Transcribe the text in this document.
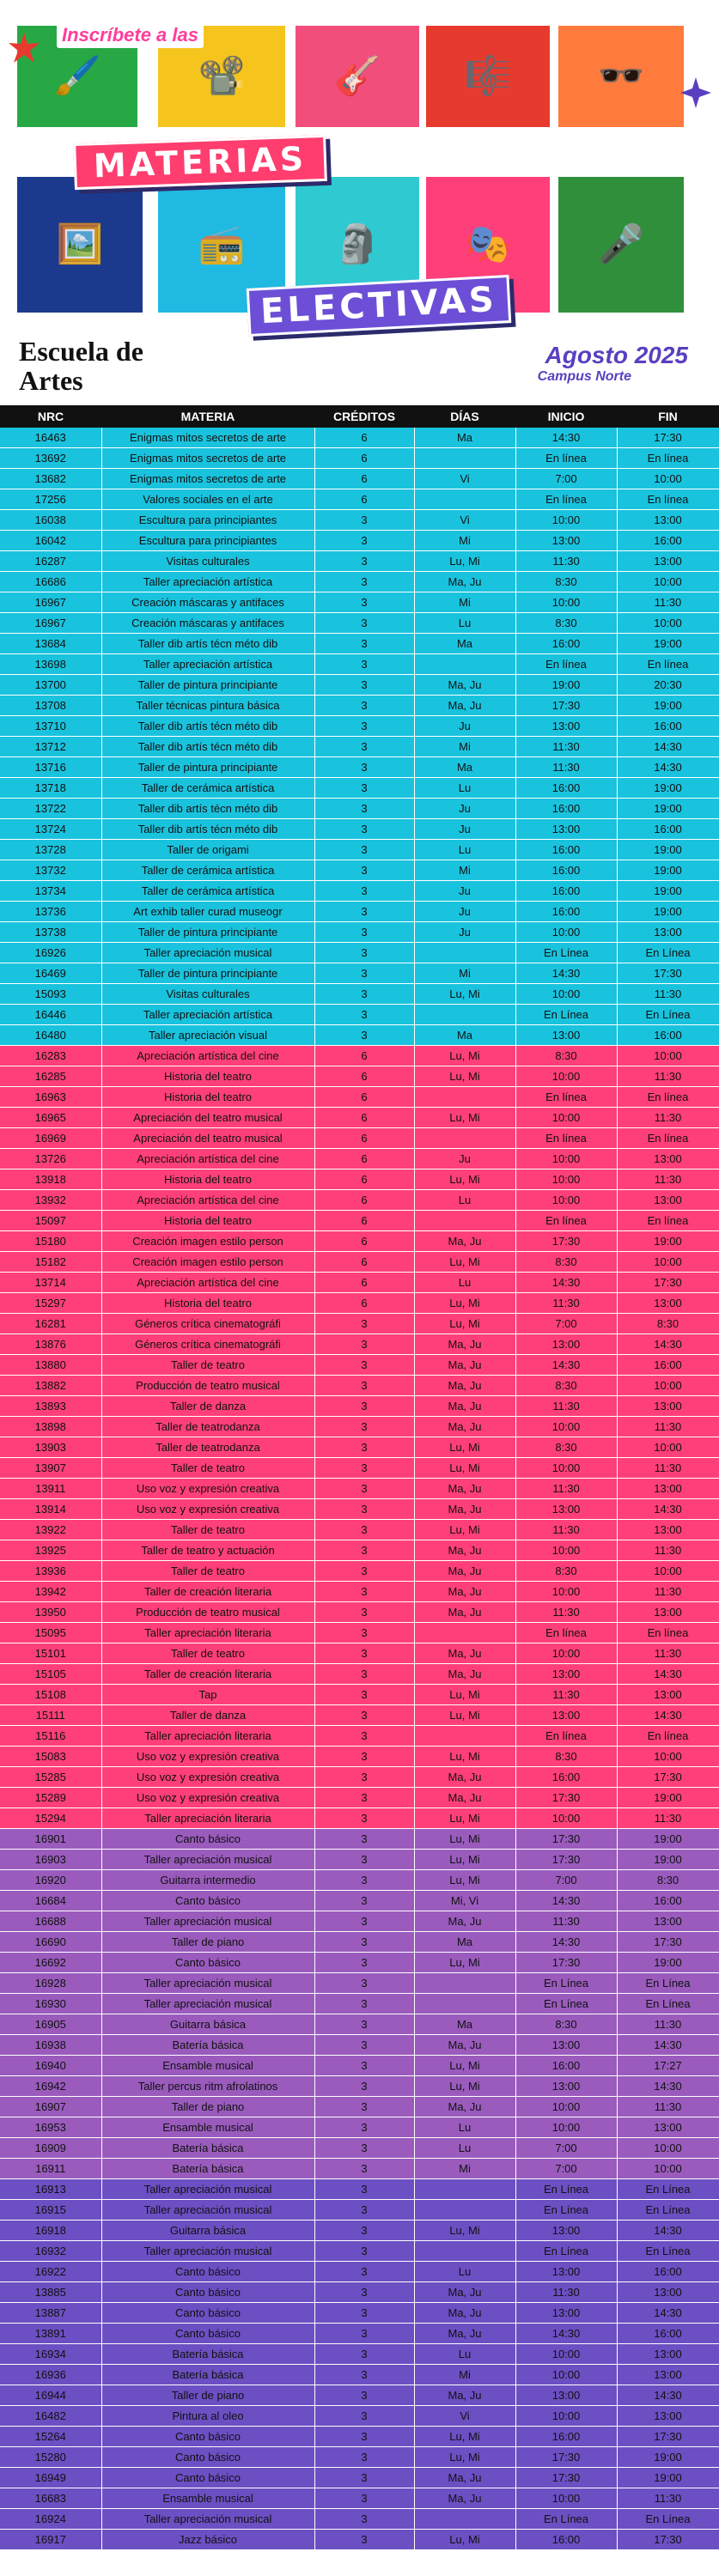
🖌️	📽️ 🎸 🎼 🕶️
🖼️	📻 🗿 🎭 🎤
Inscríbete a las
MATERIAS
ELECTIVAS
Escuela de Artes
Agosto 2025
Campus Norte
NRC	MATERIA	CRÉDITOS	DÍAS	INICIO	FIN
16463	Enigmas mitos secretos de arte	6	Ma	14:30	17:30
13692	Enigmas mitos secretos de arte	6		En línea	En línea
13682	Enigmas mitos secretos de arte	6	Vi	7:00	10:00
17256	Valores sociales en el arte	6		En línea	En línea
16038	Escultura para principiantes	3	Vi	10:00	13:00
16042	Escultura para principiantes	3	Mi	13:00	16:00
16287	Visitas culturales	3	Lu, Mi	11:30	13:00
16686	Taller apreciación artística	3	Ma, Ju	8:30	10:00
16967	Creación máscaras y antifaces	3	Mi	10:00	11:30
16967	Creación máscaras y antifaces	3	Lu	8:30	10:00
13684	Taller dib artís técn méto dib	3	Ma	16:00	19:00
13698	Taller apreciación artística	3		En línea	En línea
13700	Taller de pintura principiante	3	Ma, Ju	19:00	20:30
13708	Taller técnicas pintura básica	3	Ma, Ju	17:30	19:00
13710	Taller dib artís técn méto dib	3	Ju	13:00	16:00
13712	Taller dib artís técn méto dib	3	Mi	11:30	14:30
13716	Taller de pintura principiante	3	Ma	11:30	14:30
13718	Taller de cerámica artística	3	Lu	16:00	19:00
13722	Taller dib artís técn méto dib	3	Ju	16:00	19:00
13724	Taller dib artís técn méto dib	3	Ju	13:00	16:00
13728	Taller de origami	3	Lu	16:00	19:00
13732	Taller de cerámica artística	3	Mi	16:00	19:00
13734	Taller de cerámica artística	3	Ju	16:00	19:00
13736	Art exhib taller curad museogr	3	Ju	16:00	19:00
13738	Taller de pintura principiante	3	Ju	10:00	13:00
16926	Taller apreciación musical	3		En Línea	En Línea
16469	Taller de pintura principiante	3	Mi	14:30	17:30
15093	Visitas culturales	3	Lu, Mi	10:00	11:30
16446	Taller apreciación artística	3		En Línea	En Línea
16480	Taller apreciación visual	3	Ma	13:00	16:00
16283	Apreciación artística del cine	6	Lu, Mi	8:30	10:00
16285	Historia del teatro	6	Lu, Mi	10:00	11:30
16963	Historia del teatro	6		En línea	En línea
16965	Apreciación del teatro musical	6	Lu, Mi	10:00	11:30
16969	Apreciación del teatro musical	6		En línea	En línea
13726	Apreciación artística del cine	6	Ju	10:00	13:00
13918	Historia del teatro	6	Lu, Mi	10:00	11:30
13932	Apreciación artística del cine	6	Lu	10:00	13:00
15097	Historia del teatro	6		En línea	En línea
15180	Creación imagen estilo person	6	Ma, Ju	17:30	19:00
15182	Creación imagen estilo person	6	Lu, Mi	8:30	10:00
13714	Apreciación artística del cine	6	Lu	14:30	17:30
15297	Historia del teatro	6	Lu, Mi	11:30	13:00
16281	Géneros crítica cinematográfi	3	Lu, Mi	7:00	8:30
13876	Géneros crítica cinematográfi	3	Ma, Ju	13:00	14:30
13880	Taller de teatro	3	Ma, Ju	14:30	16:00
13882	Producción de teatro musical	3	Ma, Ju	8:30	10:00
13893	Taller de danza	3	Ma, Ju	11:30	13:00
13898	Taller de teatrodanza	3	Ma, Ju	10:00	11:30
13903	Taller de teatrodanza	3	Lu, Mi	8:30	10:00
13907	Taller de teatro	3	Lu, Mi	10:00	11:30
13911	Uso voz y expresión creativa	3	Ma, Ju	11:30	13:00
13914	Uso voz y expresión creativa	3	Ma, Ju	13:00	14:30
13922	Taller de teatro	3	Lu, Mi	11:30	13:00
13925	Taller de teatro y actuación	3	Ma, Ju	10:00	11:30
13936	Taller de teatro	3	Ma, Ju	8:30	10:00
13942	Taller de creación literaria	3	Ma, Ju	10:00	11:30
13950	Producción de teatro musical	3	Ma, Ju	11:30	13:00
15095	Taller apreciación literaria	3		En línea	En línea
15101	Taller de teatro	3	Ma, Ju	10:00	11:30
15105	Taller de creación literaria	3	Ma, Ju	13:00	14:30
15108	Tap	3	Lu, Mi	11:30	13:00
15111	Taller de danza	3	Lu, Mi	13:00	14:30
15116	Taller apreciación literaria	3		En línea	En línea
15083	Uso voz y expresión creativa	3	Lu, Mi	8:30	10:00
15285	Uso voz y expresión creativa	3	Ma, Ju	16:00	17:30
15289	Uso voz y expresión creativa	3	Ma, Ju	17:30	19:00
15294	Taller apreciación literaria	3	Lu, Mi	10:00	11:30
16901	Canto básico	3	Lu, Mi	17:30	19:00
16903	Taller apreciación musical	3	Lu, Mi	17:30	19:00
16920	Guitarra intermedio	3	Lu, Mi	7:00	8:30
16684	Canto básico	3	Mi, Vi	14:30	16:00
16688	Taller apreciación musical	3	Ma, Ju	11:30	13:00
16690	Taller de piano	3	Ma	14:30	17:30
16692	Canto básico	3	Lu, Mi	17:30	19:00
16928	Taller apreciación musical	3		En Línea	En Línea
16930	Taller apreciación musical	3		En Línea	En Línea
16905	Guitarra básica	3	Ma	8:30	11:30
16938	Batería básica	3	Ma, Ju	13:00	14:30
16940	Ensamble musical	3	Lu, Mi	16:00	17:27
16942	Taller percus ritm afrolatinos	3	Lu, Mi	13:00	14:30
16907	Taller de piano	3	Ma, Ju	10:00	11:30
16953	Ensamble musical	3	Lu	10:00	13:00
16909	Batería básica	3	Lu	7:00	10:00
16911	Batería básica	3	Mi	7:00	10:00
16913	Taller apreciación musical	3		En Línea	En Línea
16915	Taller apreciación musical	3		En Línea	En Línea
16918	Guitarra básica	3	Lu, Mi	13:00	14:30
16932	Taller apreciación musical	3		En Línea	En Línea
16922	Canto básico	3	Lu	13:00	16:00
13885	Canto básico	3	Ma, Ju	11:30	13:00
13887	Canto básico	3	Ma, Ju	13:00	14:30
13891	Canto básico	3	Ma, Ju	14:30	16:00
16934	Batería básica	3	Lu	10:00	13:00
16936	Batería básica	3	Mi	10:00	13:00
16944	Taller de piano	3	Ma, Ju	13:00	14:30
16482	Pintura al oleo	3	Vi	10:00	13:00
15264	Canto básico	3	Lu, Mi	16:00	17:30
15280	Canto básico	3	Lu, Mi	17:30	19:00
16949	Canto básico	3	Ma, Ju	17:30	19:00
16683	Ensamble musical	3	Ma, Ju	10:00	11:30
16924	Taller apreciación musical	3		En Línea	En Línea
16917	Jazz básico	3	Lu, Mi	16:00	17:30
